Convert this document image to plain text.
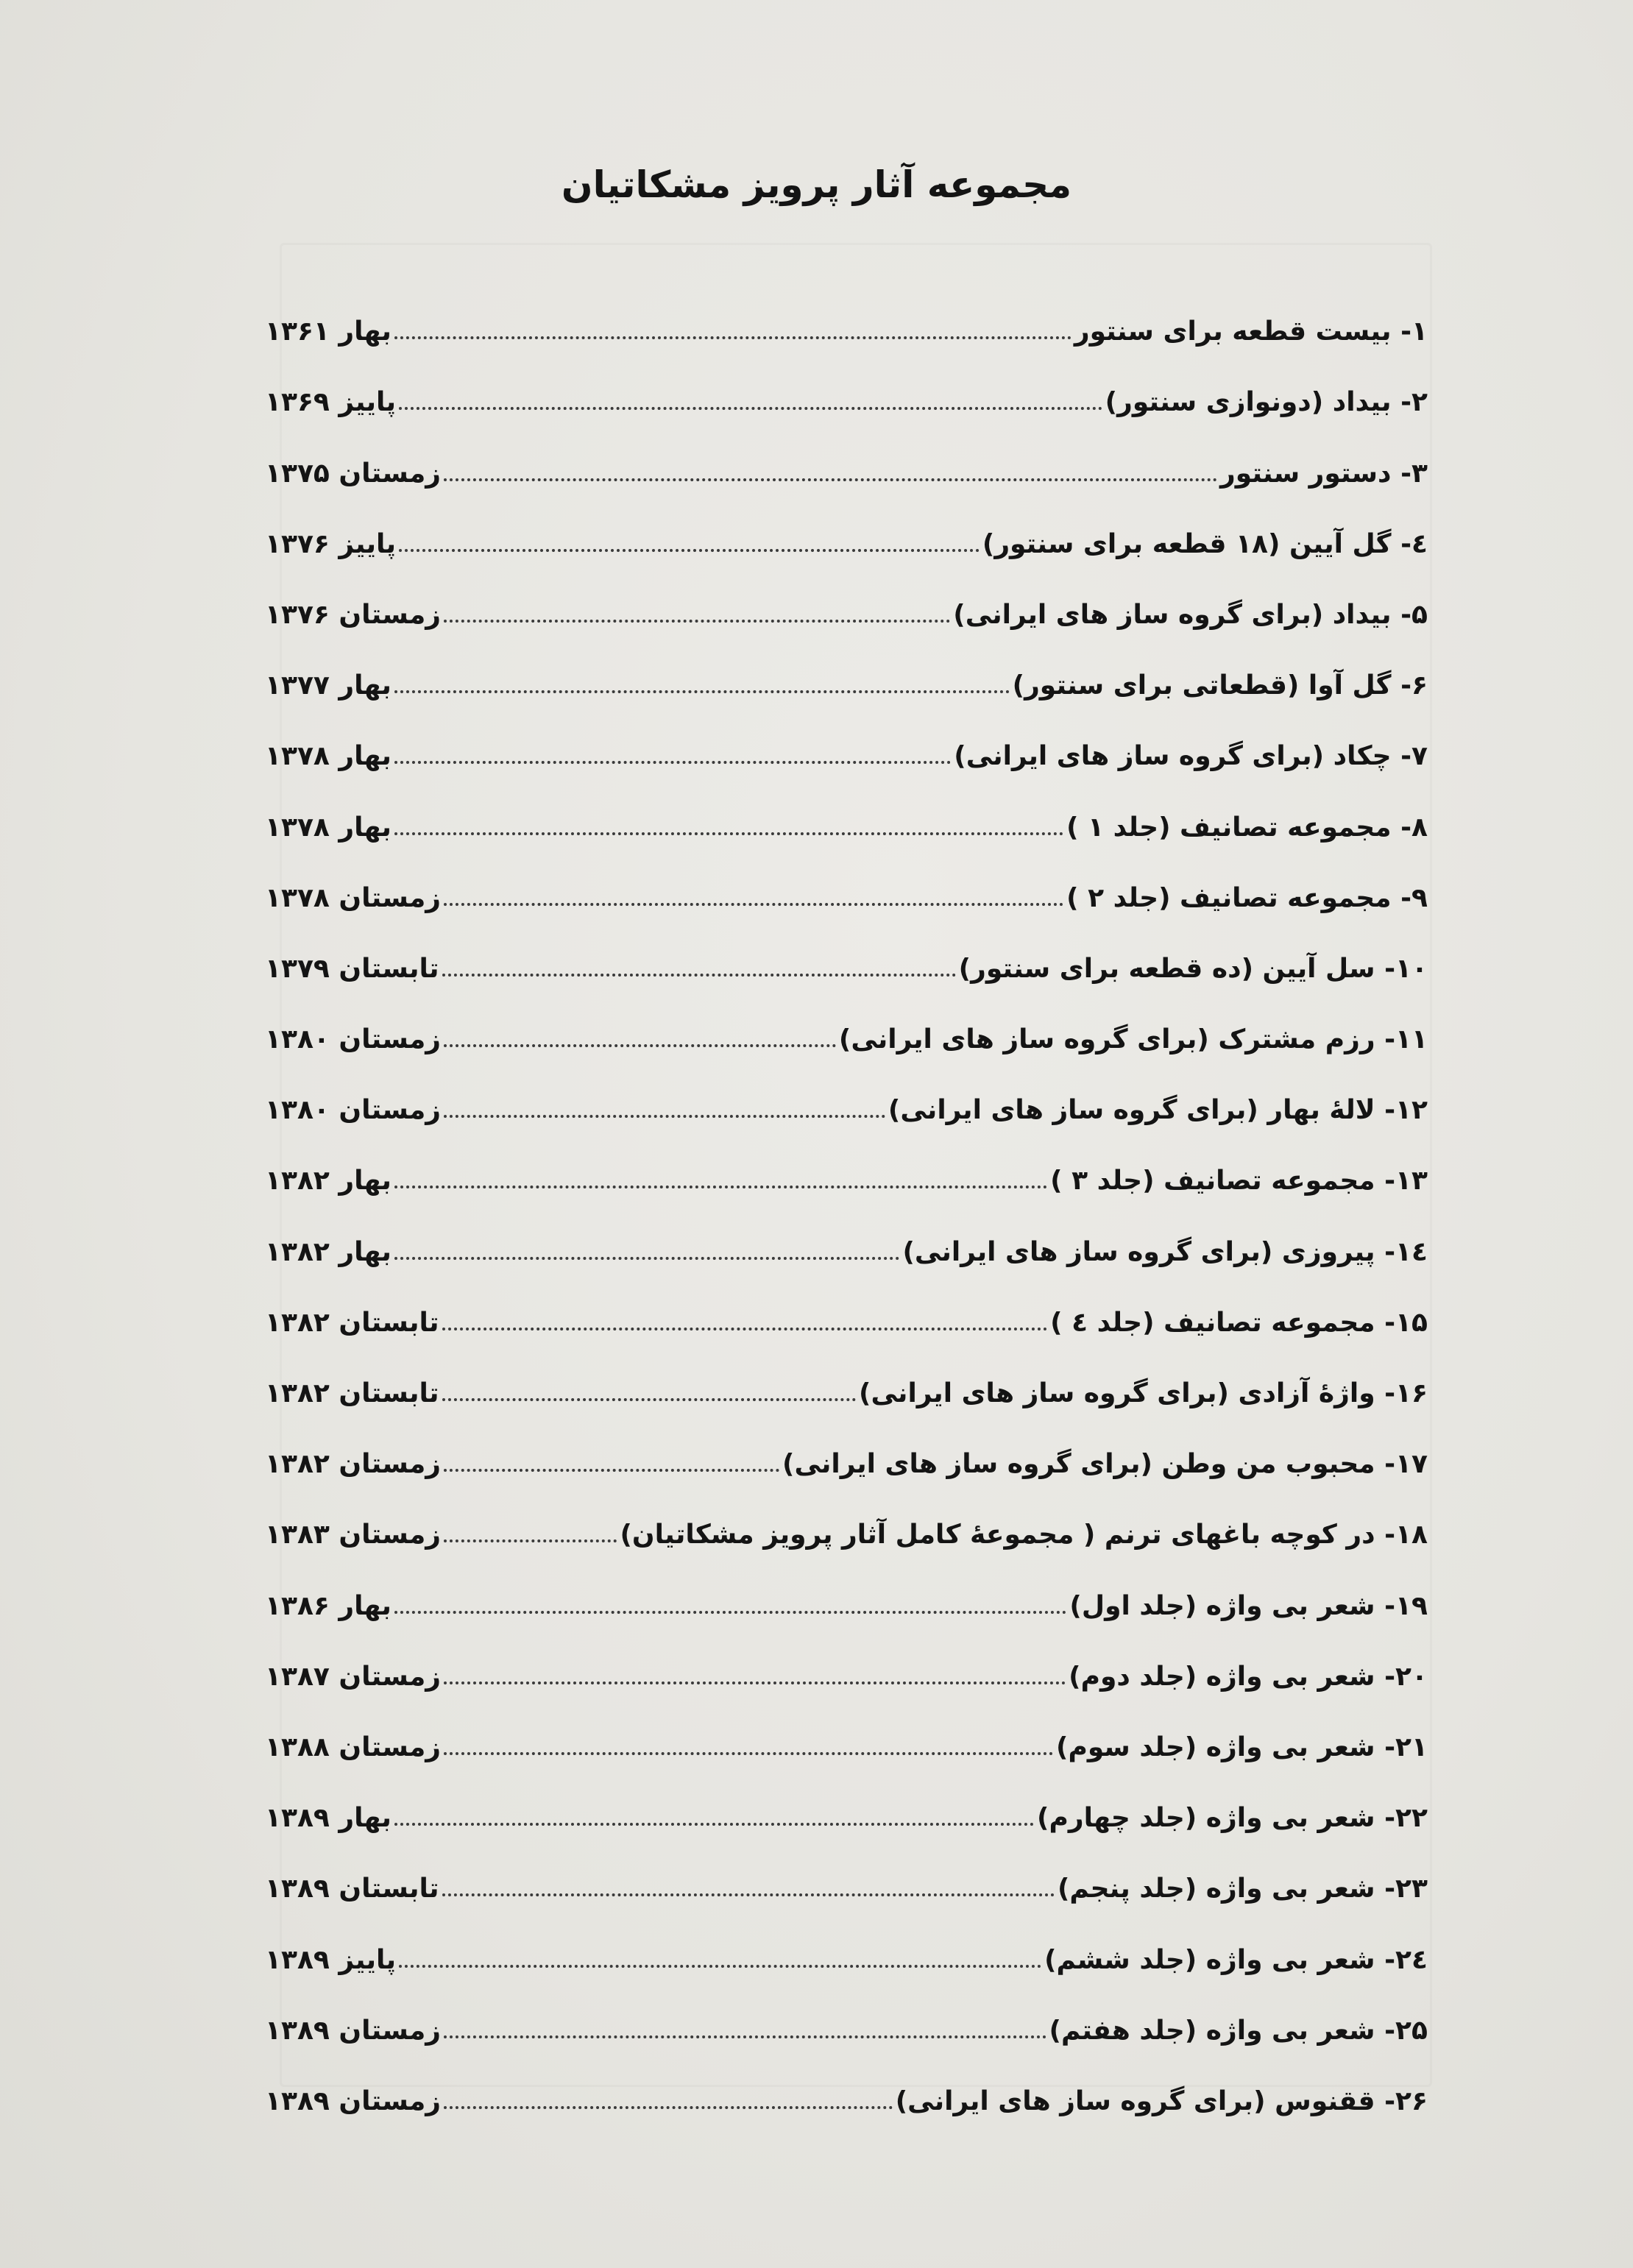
مجموعه آثار پرویز مشکاتیان
۱- بیست قطعه برای سنتور
بهار ۱۳۶۱
۲- بیداد (دونوازی سنتور)
پاییز ۱۳۶۹
۳- دستور سنتور
زمستان ۱۳۷۵
٤- گل آیین (۱۸ قطعه برای سنتور)
پاییز ۱۳۷۶
۵- بیداد (برای گروه ساز های ایرانی)
زمستان ۱۳۷۶
۶- گل آوا (قطعاتی برای سنتور)
بهار ۱۳۷۷
۷- چکاد (برای گروه ساز های ایرانی)
بهار ۱۳۷۸
۸- مجموعه تصانیف (جلد ۱ )
بهار ۱۳۷۸
۹- مجموعه تصانیف (جلد ۲ )
زمستان ۱۳۷۸
۱۰- سل آیین (ده قطعه برای سنتور)
تابستان ۱۳۷۹
۱۱- رزم مشترک (برای گروه ساز های ایرانی)
زمستان ۱۳۸۰
۱۲- لالۀ بهار (برای گروه ساز های ایرانی)
زمستان ۱۳۸۰
۱۳- مجموعه تصانیف (جلد ۳ )
بهار ۱۳۸۲
۱٤- پیروزی (برای گروه ساز های ایرانی)
بهار ۱۳۸۲
۱۵- مجموعه تصانیف (جلد ٤ )
تابستان ۱۳۸۲
۱۶- واژۀ آزادی (برای گروه ساز های ایرانی)
تابستان ۱۳۸۲
۱۷- محبوب من وطن (برای گروه ساز های ایرانی)
زمستان ۱۳۸۲
۱۸- در کوچه باغهای ترنم ( مجموعۀ کامل آثار پرویز مشکاتیان)
زمستان ۱۳۸۳
۱۹- شعر بی واژه (جلد اول)
بهار ۱۳۸۶
۲۰- شعر بی واژه (جلد دوم)
زمستان ۱۳۸۷
۲۱- شعر بی واژه (جلد سوم)
زمستان ۱۳۸۸
۲۲- شعر بی واژه (جلد چهارم)
بهار ۱۳۸۹
۲۳- شعر بی واژه (جلد پنجم)
تابستان ۱۳۸۹
۲٤- شعر بی واژه (جلد ششم)
پاییز ۱۳۸۹
۲۵- شعر بی واژه (جلد هفتم)
زمستان ۱۳۸۹
۲۶- ققنوس (برای گروه ساز های ایرانی)
زمستان ۱۳۸۹
